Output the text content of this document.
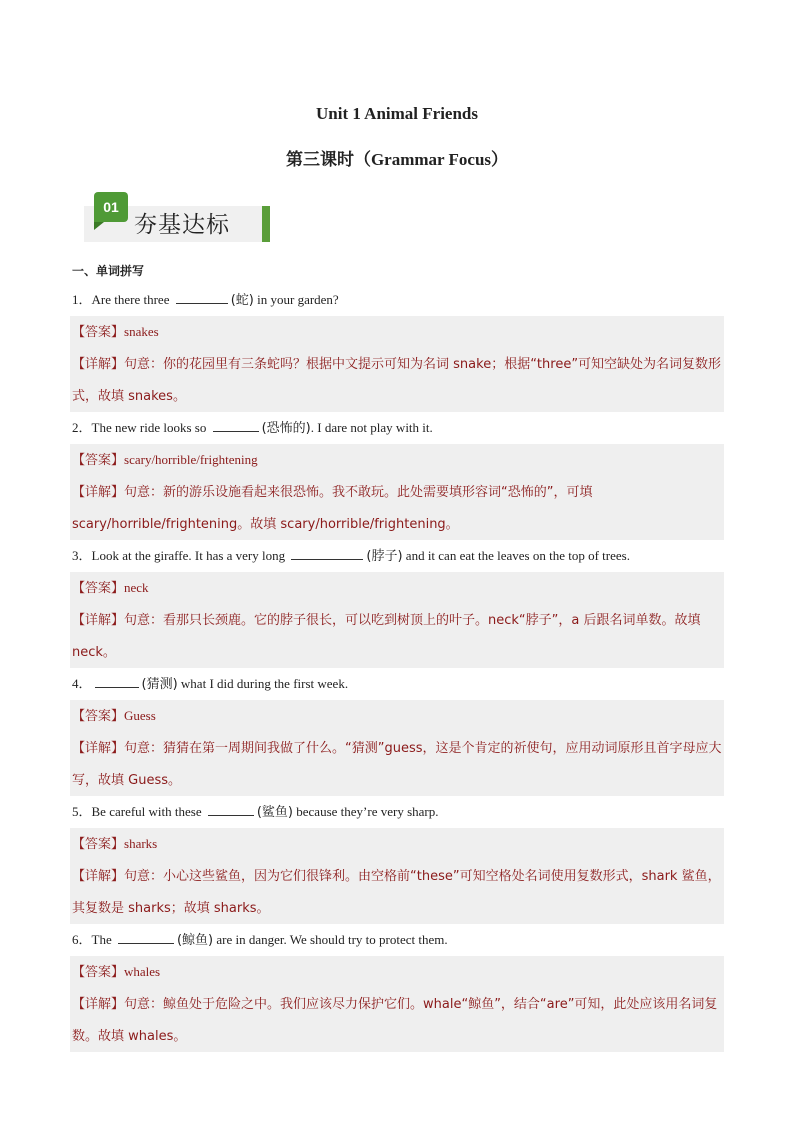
Unit 1 Animal Friends
第三课时（Grammar Focus）
01
夯基达标
一、单词拼写
1．Are there three	(蛇) in your garden?
【答案】snakes
【详解】句意：你的花园里有三条蛇吗？根据中文提示可知为名词 snake；根据“three”可知空缺处为名词复数形式，故填 snakes。
2．The new ride looks so	(恐怖的). I dare not play with it.
【答案】scary/horrible/frightening
【详解】句意：新的游乐设施看起来很恐怖。我不敢玩。此处需要填形容词“恐怖的”，可填 scary/horrible/frightening。故填 scary/horrible/frightening。
3．Look at the giraffe. It has a very long	(脖子) and it can eat the leaves on the top of trees.
【答案】neck
【详解】句意：看那只长颈鹿。它的脖子很长，可以吃到树顶上的叶子。neck“脖子”，a 后跟名词单数。故填 neck。
4．	(猜测) what I did during the first week.
【答案】Guess
【详解】句意：猜猜在第一周期间我做了什么。“猜测”guess，这是个肯定的祈使句，应用动词原形且首字母应大写，故填 Guess。
5．Be careful with these	(鲨鱼) because they’re very sharp.
【答案】sharks
【详解】句意：小心这些鲨鱼，因为它们很锋利。由空格前“these”可知空格处名词使用复数形式，shark 鲨鱼，其复数是 sharks；故填 sharks。
6．The	(鲸鱼) are in danger. We should try to protect them.
【答案】whales
【详解】句意：鲸鱼处于危险之中。我们应该尽力保护它们。whale“鲸鱼”，结合“are”可知，此处应该用名词复数。故填 whales。
